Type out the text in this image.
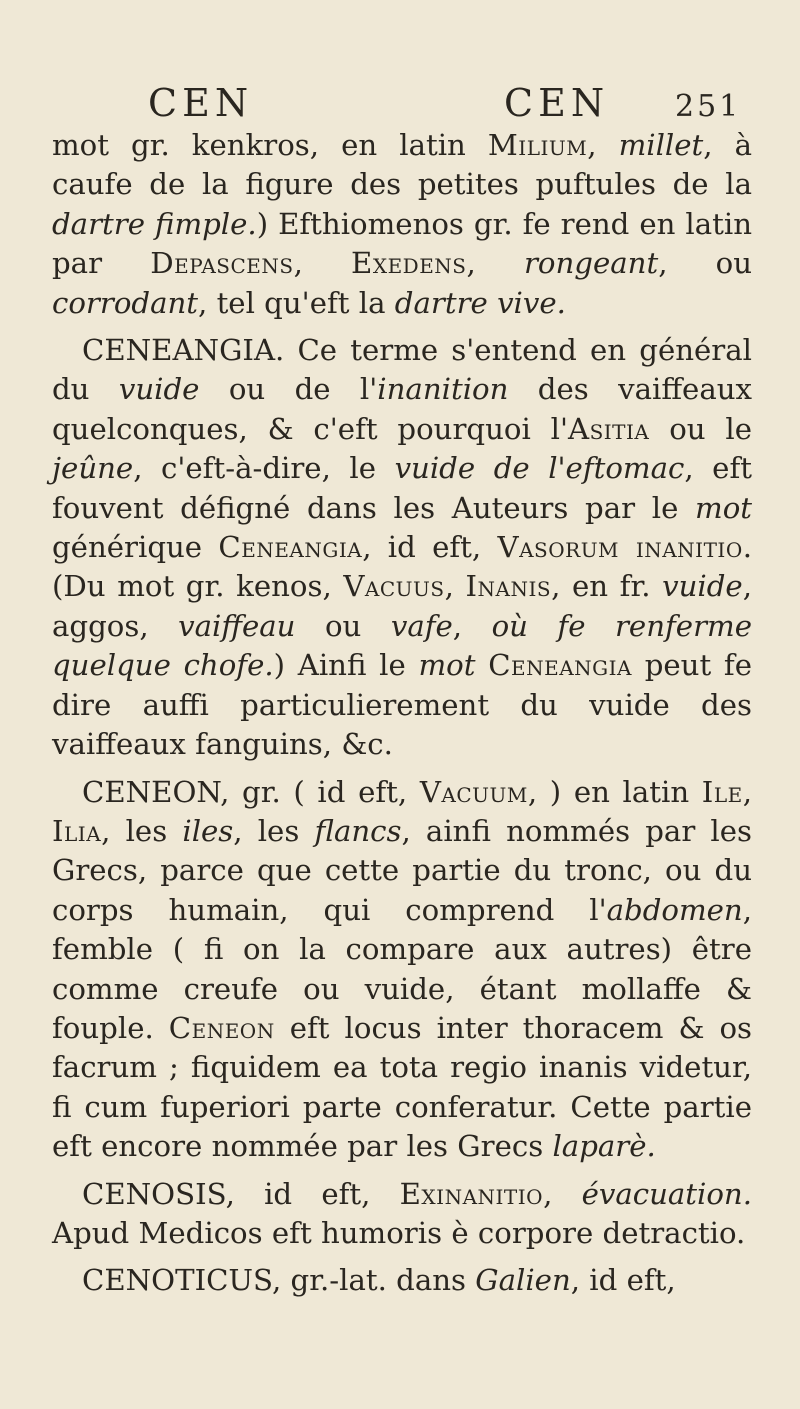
CEN	CEN 251

mot gr. kenkros, en latin Milium, millet, à caufe de la figure des petites puftules de la dartre fimple.) Efthiomenos gr. fe rend en latin par Depascens, Exedens, rongeant, ou corrodant, tel qu'eft la dartre vive.

CENEANGIA. Ce terme s'entend en général du vuide ou de l'inanition des vaiffeaux quelconques, & c'eft pourquoi l'Asitia ou le jeûne, c'eft-à-dire, le vuide de l'eftomac, eft fouvent défigné dans les Auteurs par le mot générique Ceneangia, id eft, Vasorum inanitio. (Du mot gr. kenos, Vacuus, Inanis, en fr. vuide, aggos, vaiffeau ou vafe, où fe renferme quelque chofe.) Ainfi le mot Ceneangia peut fe dire auffi particulierement du vuide des vaiffeaux fanguins, &c.

CENEON, gr. ( id eft, Vacuum, ) en latin Ile, Ilia, les iles, les flancs, ainfi nommés par les Grecs, parce que cette partie du tronc, ou du corps humain, qui comprend l'abdomen, femble ( fi on la compare aux autres) être comme creufe ou vuide, étant mollaffe & fouple. Ceneon eft locus inter thoracem & os facrum ; fiquidem ea tota regio inanis videtur, fi cum fuperiori parte conferatur. Cette partie eft encore nommée par les Grecs laparè.

CENOSIS, id eft, Exinanitio, évacuation. Apud Medicos eft humoris è corpore detractio.

CENOTICUS, gr.-lat. dans Galien, id eft,
